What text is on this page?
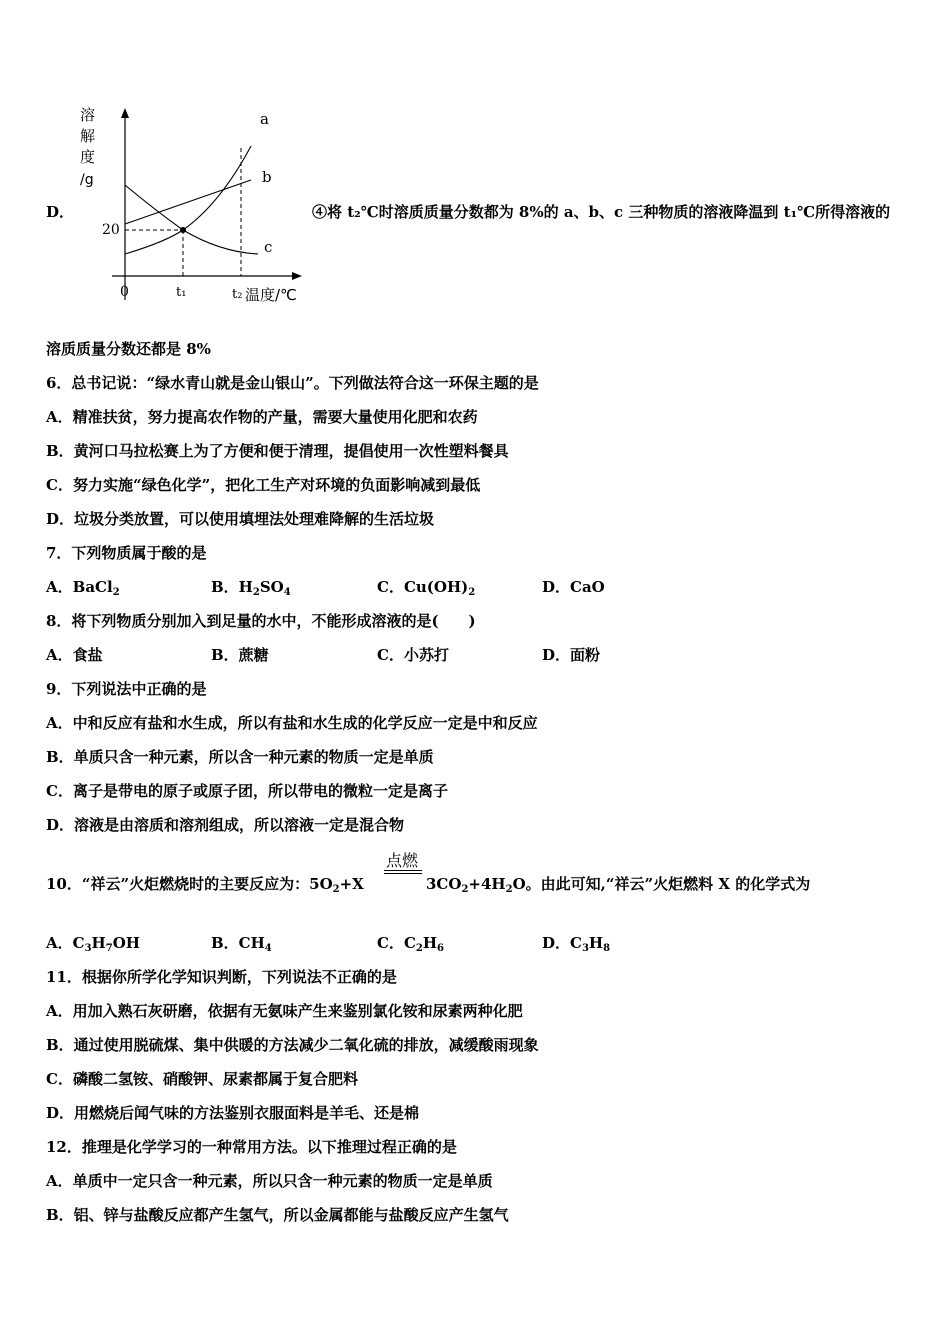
溶
解
度
/g
20
0	t₁	t₂ 温度/℃
a
b
c
D．	④将 t₂℃时溶质质量分数都为 8%的 a、b、c 三种物质的溶液降温到 t₁℃所得溶液的
溶质质量分数还都是 8%
6．总书记说：“绿水青山就是金山银山”。下列做法符合这一环保主题的是
A．精准扶贫，努力提高农作物的产量，需要大量使用化肥和农药
B．黄河口马拉松赛上为了方便和便于清理，提倡使用一次性塑料餐具
C．努力实施“绿色化学”，把化工生产对环境的负面影响减到最低
D．垃圾分类放置，可以使用填埋法处理难降解的生活垃圾
7．下列物质属于酸的是
A．BaCl$_2$	B．$H_2SO_4$	C．$Cu(OH)_2$	D．CaO
8．将下列物质分别加入到足量的水中，不能形成溶液的是(　　)
A．食盐	B．蔗糖	C．小苏打	D．面粉
9．下列说法中正确的是
A．中和反应有盐和水生成，所以有盐和水生成的化学反应一定是中和反应
B．单质只含一种元素，所以含一种元素的物质一定是单质
C．离子是带电的原子或原子团，所以带电的微粒一定是离子
D．溶液是由溶质和溶剂组成，所以溶液一定是混合物
10．“祥云”火炬燃烧时的主要反应为：$5O_2+X$
点燃
$3CO_2+4H_2O$。由此可知,“祥云”火炬燃料 X 的化学式为
A．$C_3H_7OH$	B．$CH_4$	C．$C_2H_6$	D．$C_3H_8$
11．根据你所学化学知识判断，下列说法不正确的是
A．用加入熟石灰研磨，依据有无氨味产生来鉴别氯化铵和尿素两种化肥
B．通过使用脱硫煤、集中供暖的方法减少二氧化硫的排放，减缓酸雨现象
C．磷酸二氢铵、硝酸钾、尿素都属于复合肥料
D．用燃烧后闻气味的方法鉴别衣服面料是羊毛、还是棉
12．推理是化学学习的一种常用方法。以下推理过程正确的是
A．单质中一定只含一种元素，所以只含一种元素的物质一定是单质
B．铝、锌与盐酸反应都产生氢气，所以金属都能与盐酸反应产生氢气
